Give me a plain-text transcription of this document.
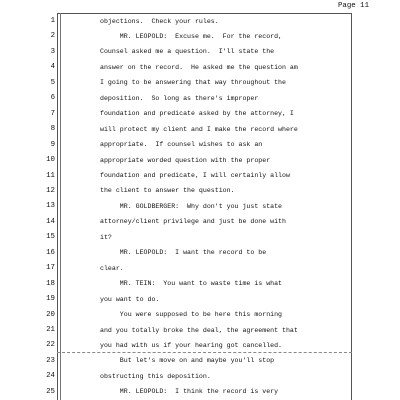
Page 11
1
2
3
4
5
6
7
8
9
10
11
12
13
14
15
16
17
18
19
20
21
22
23
24
25
objections.  Check your rules.
MR. LEOPOLD:  Excuse me.  For the record,
Counsel asked me a question.  I'll state the
answer on the record.  He asked me the question am
I going to be answering that way throughout the
deposition.  So long as there's improper
foundation and predicate asked by the attorney, I
will protect my client and I make the record where
appropriate.  If counsel wishes to ask an
appropriate worded question with the proper
foundation and predicate, I will certainly allow
the client to answer the question.
MR. GOLDBERGER:  Why don't you just state
attorney/client privilege and just be done with
it?
MR. LEOPOLD:  I want the record to be
clear.
MR. TEIN:  You want to waste time is what
you want to do.
You were supposed to be here this morning
and you totally broke the deal, the agreement that
you had with us if your hearing got cancelled.
But let's move on and maybe you'll stop
obstructing this deposition.
MR. LEOPOLD:  I think the record is very
